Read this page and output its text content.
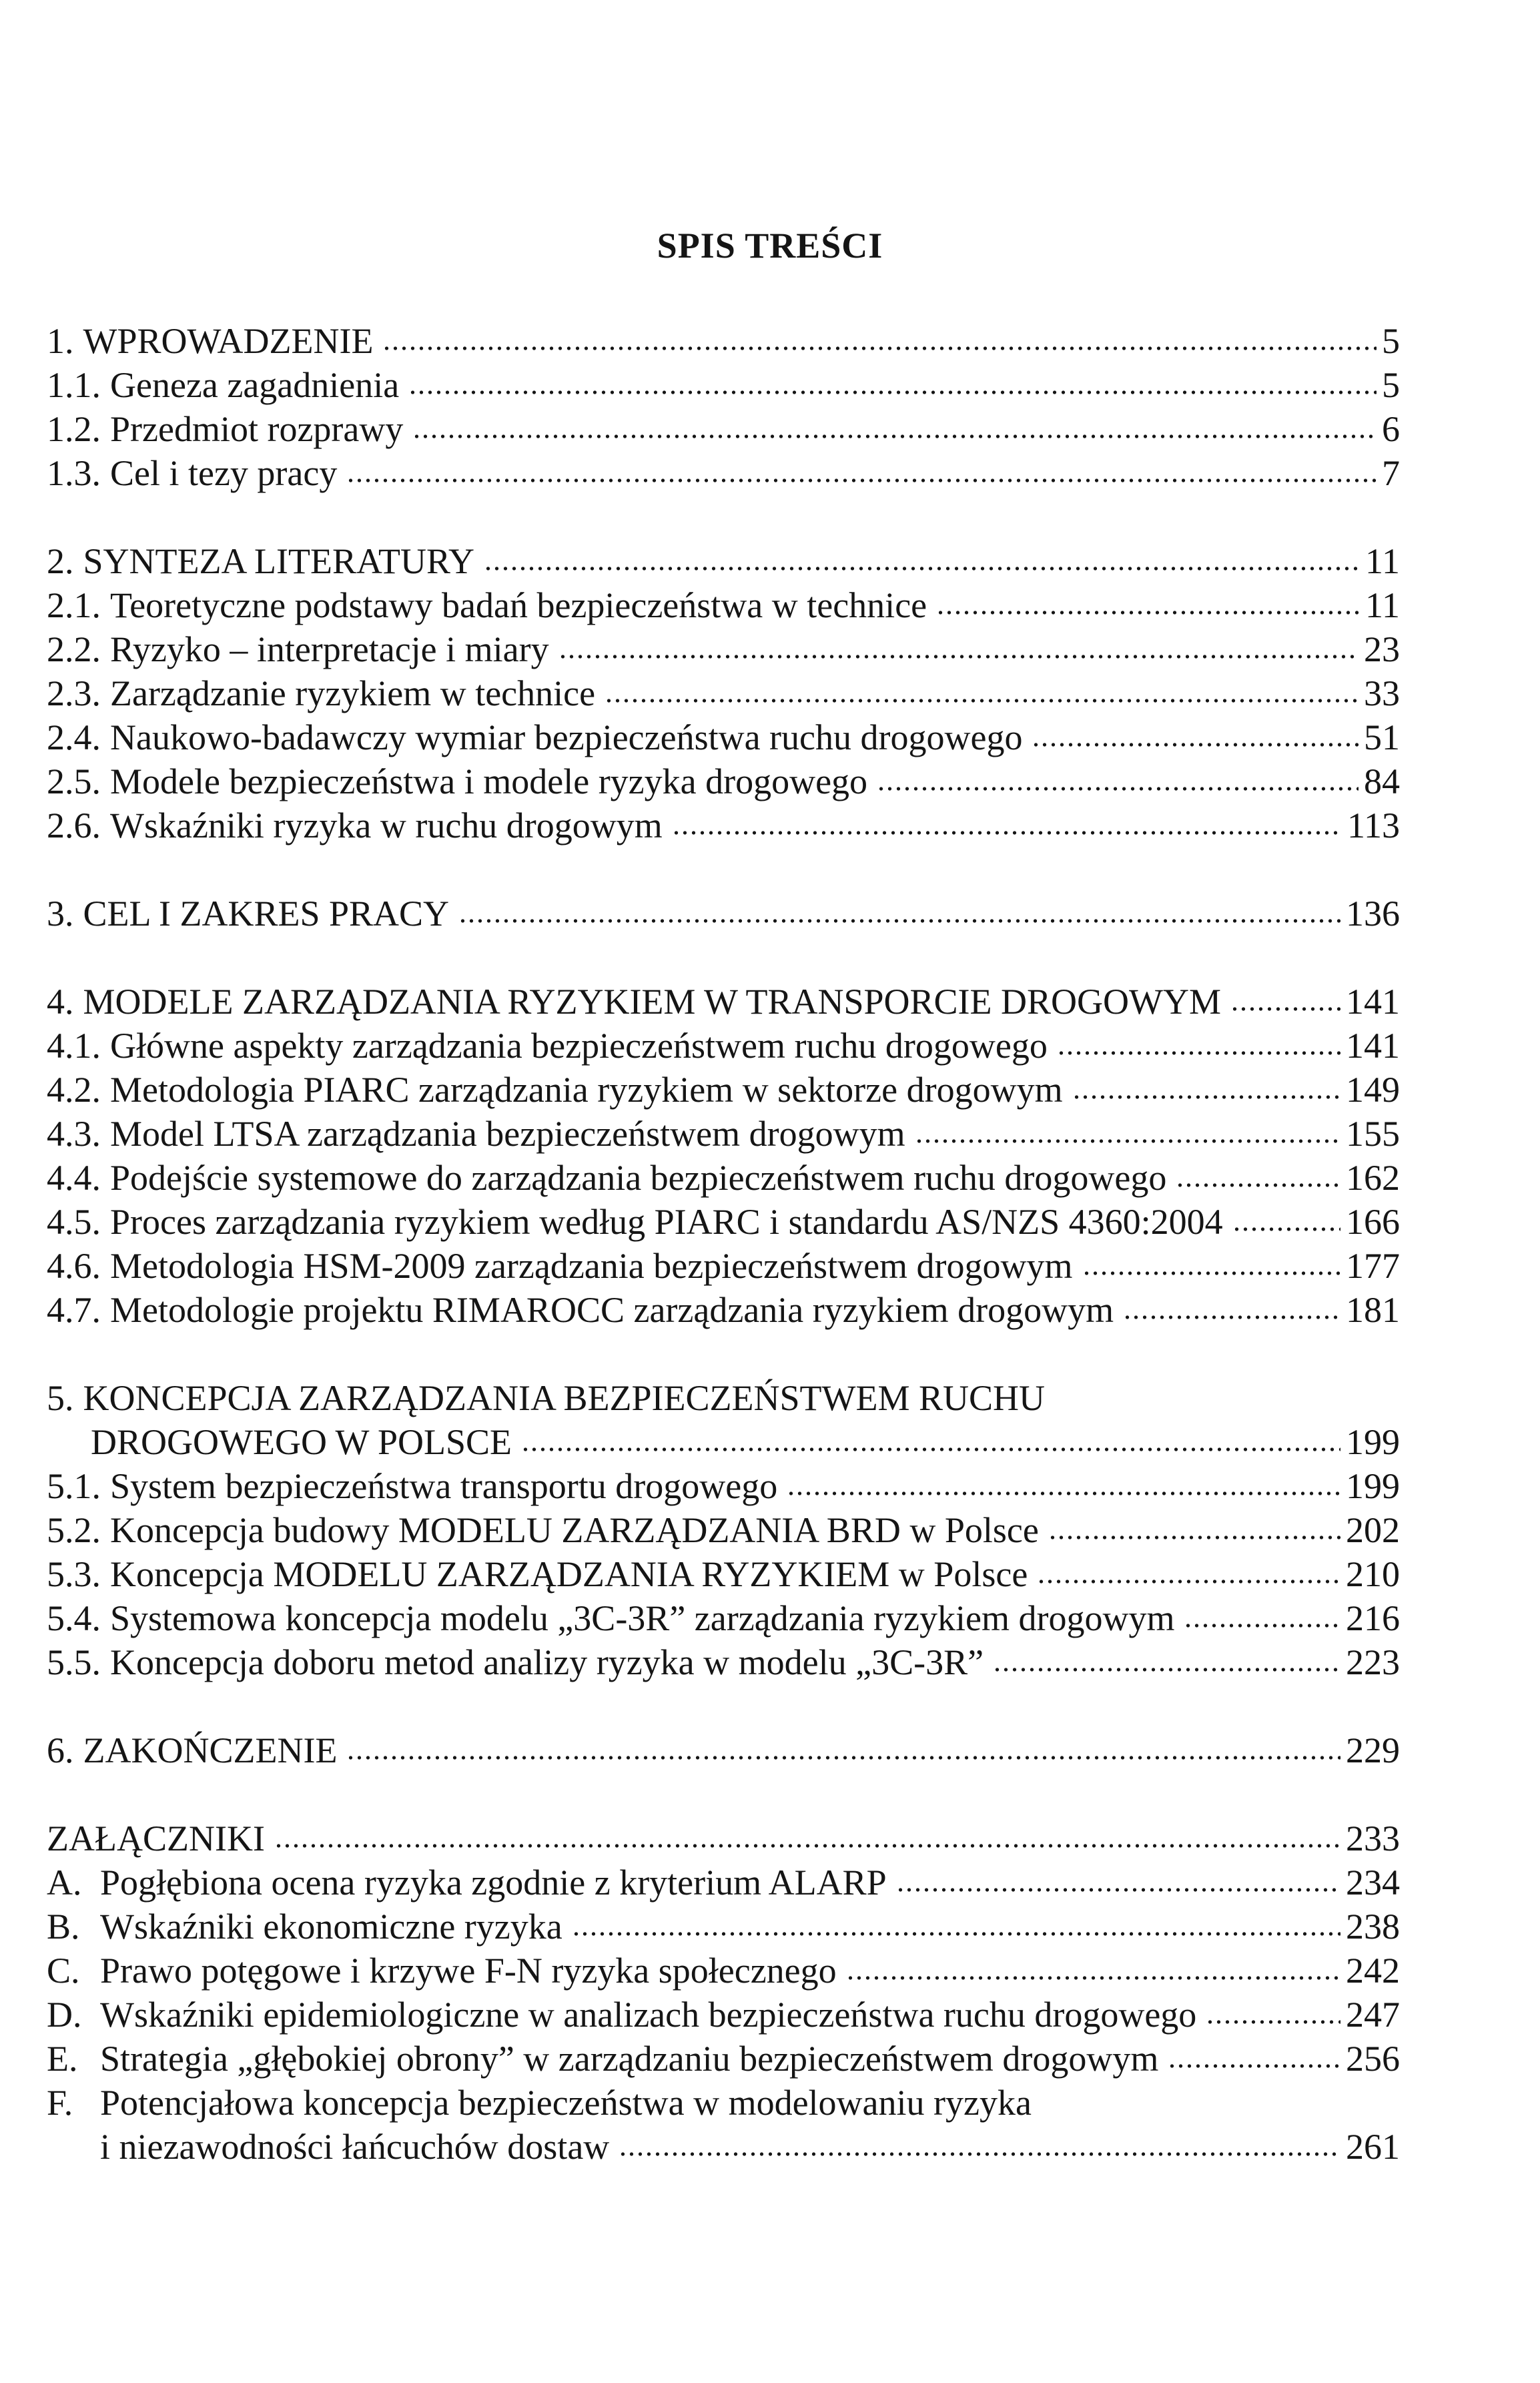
SPIS TREŚCI
1. WPROWADZENIE	5
1.1. Geneza zagadnienia	5
1.2. Przedmiot rozprawy	6
1.3. Cel i tezy pracy	7
2. SYNTEZA LITERATURY	11
2.1. Teoretyczne podstawy badań bezpieczeństwa w technice	11
2.2. Ryzyko – interpretacje i miary	23
2.3. Zarządzanie ryzykiem w technice	33
2.4. Naukowo-badawczy wymiar bezpieczeństwa ruchu drogowego	51
2.5. Modele bezpieczeństwa i modele ryzyka drogowego	84
2.6. Wskaźniki ryzyka w ruchu drogowym	113
3. CEL I ZAKRES PRACY	136
4. MODELE ZARZĄDZANIA RYZYKIEM W TRANSPORCIE DROGOWYM	141
4.1. Główne aspekty zarządzania bezpieczeństwem ruchu drogowego	141
4.2. Metodologia PIARC zarządzania ryzykiem w sektorze drogowym	149
4.3. Model LTSA zarządzania bezpieczeństwem drogowym	155
4.4. Podejście systemowe do zarządzania bezpieczeństwem ruchu drogowego	162
4.5. Proces zarządzania ryzykiem według PIARC i standardu AS/NZS 4360:2004	166
4.6. Metodologia HSM-2009 zarządzania bezpieczeństwem drogowym	177
4.7. Metodologie projektu RIMAROCC zarządzania ryzykiem drogowym	181
5. KONCEPCJA ZARZĄDZANIA BEZPIECZEŃSTWEM RUCHU
DROGOWEGO W POLSCE	199
5.1. System bezpieczeństwa transportu drogowego	199
5.2. Koncepcja budowy MODELU ZARZĄDZANIA BRD w Polsce	202
5.3. Koncepcja MODELU ZARZĄDZANIA RYZYKIEM w Polsce	210
5.4. Systemowa koncepcja modelu „3C-3R” zarządzania ryzykiem drogowym	216
5.5. Koncepcja doboru metod analizy ryzyka w modelu „3C-3R”	223
6. ZAKOŃCZENIE	229
ZAŁĄCZNIKI	233
A. Pogłębiona ocena ryzyka zgodnie z kryterium ALARP	234
B. Wskaźniki ekonomiczne ryzyka	238
C. Prawo potęgowe i krzywe F-N ryzyka społecznego	242
D. Wskaźniki epidemiologiczne w analizach bezpieczeństwa ruchu drogowego	247
E. Strategia „głębokiej obrony” w zarządzaniu bezpieczeństwem drogowym	256
F. Potencjałowa koncepcja bezpieczeństwa w modelowaniu ryzyka
i niezawodności łańcuchów dostaw	261
